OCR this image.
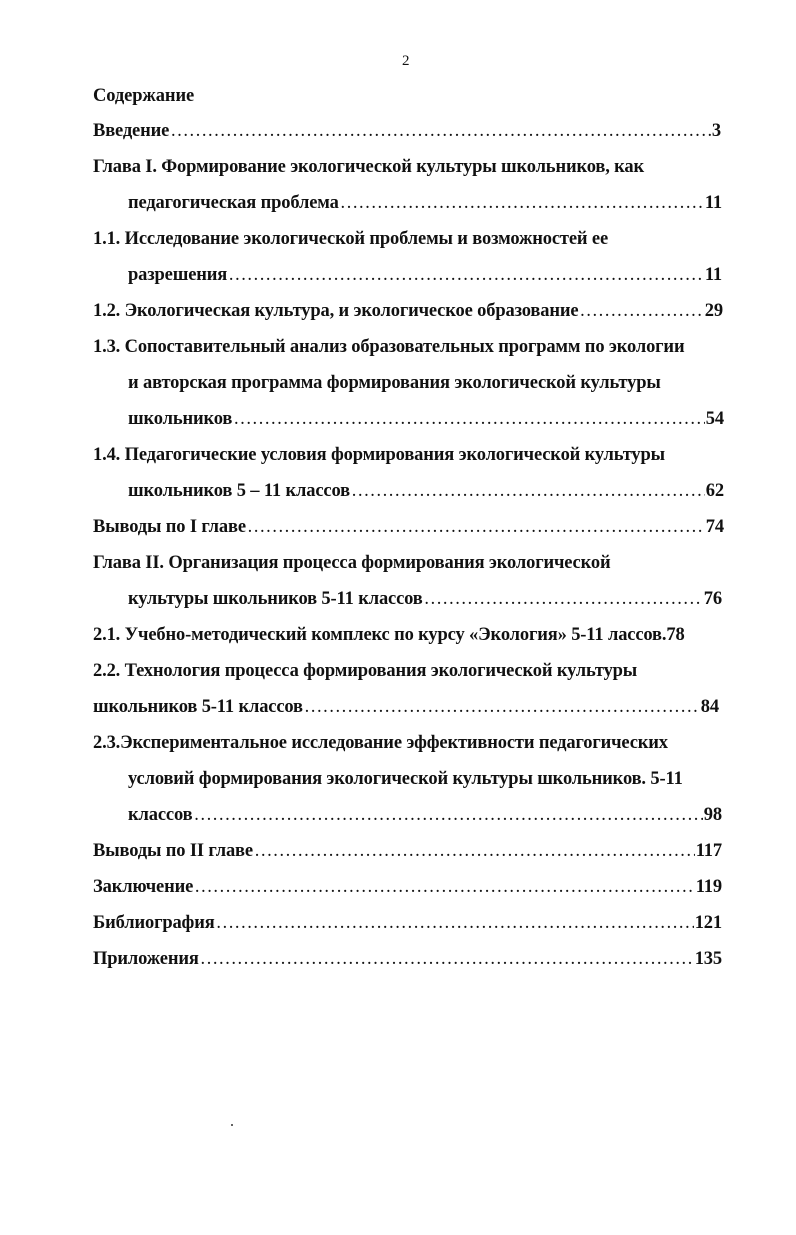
2
Содержание
Введение ……………………………………………………………………………………………………………………………………………………………………………………………………	3
Глава I. Формирование экологической культуры школьников, как
педагогическая проблема ……………………………………………………………………………………………………………………………………………………………………………………………………	11
1.1. Исследование экологической проблемы и возможностей ее
разрешения ……………………………………………………………………………………………………………………………………………………………………………………………………	11
1.2. Экологическая культура, и экологическое образование ……………………………………………………………………………………………………………………………………………………………………………………………………	29
1.3. Сопоставительный анализ образовательных программ по экологии
и авторская программа формирования экологической культуры
школьников ……………………………………………………………………………………………………………………………………………………………………………………………………	54
1.4. Педагогические условия формирования экологической культуры
школьников 5 – 11 классов ……………………………………………………………………………………………………………………………………………………………………………………………………	62
Выводы по I главе ……………………………………………………………………………………………………………………………………………………………………………………………………	74
Глава II. Организация процесса формирования экологической
культуры школьников 5-11 классов ……………………………………………………………………………………………………………………………………………………………………………………………………	76
2.1. Учебно-методический комплекс по курсу «Экология» 5-11 лассов.78
2.2. Технология процесса формирования экологической культуры
школьников 5-11 классов ……………………………………………………………………………………………………………………………………………………………………………………………………	84
2.3.Экспериментальное исследование эффективности педагогических
условий формирования экологической культуры школьников. 5-11
классов ……………………………………………………………………………………………………………………………………………………………………………………………………	98
Выводы по II главе ……………………………………………………………………………………………………………………………………………………………………………………………………	117
Заключение ……………………………………………………………………………………………………………………………………………………………………………………………………	119
Библиография ……………………………………………………………………………………………………………………………………………………………………………………………………	121
Приложения ……………………………………………………………………………………………………………………………………………………………………………………………………	135
